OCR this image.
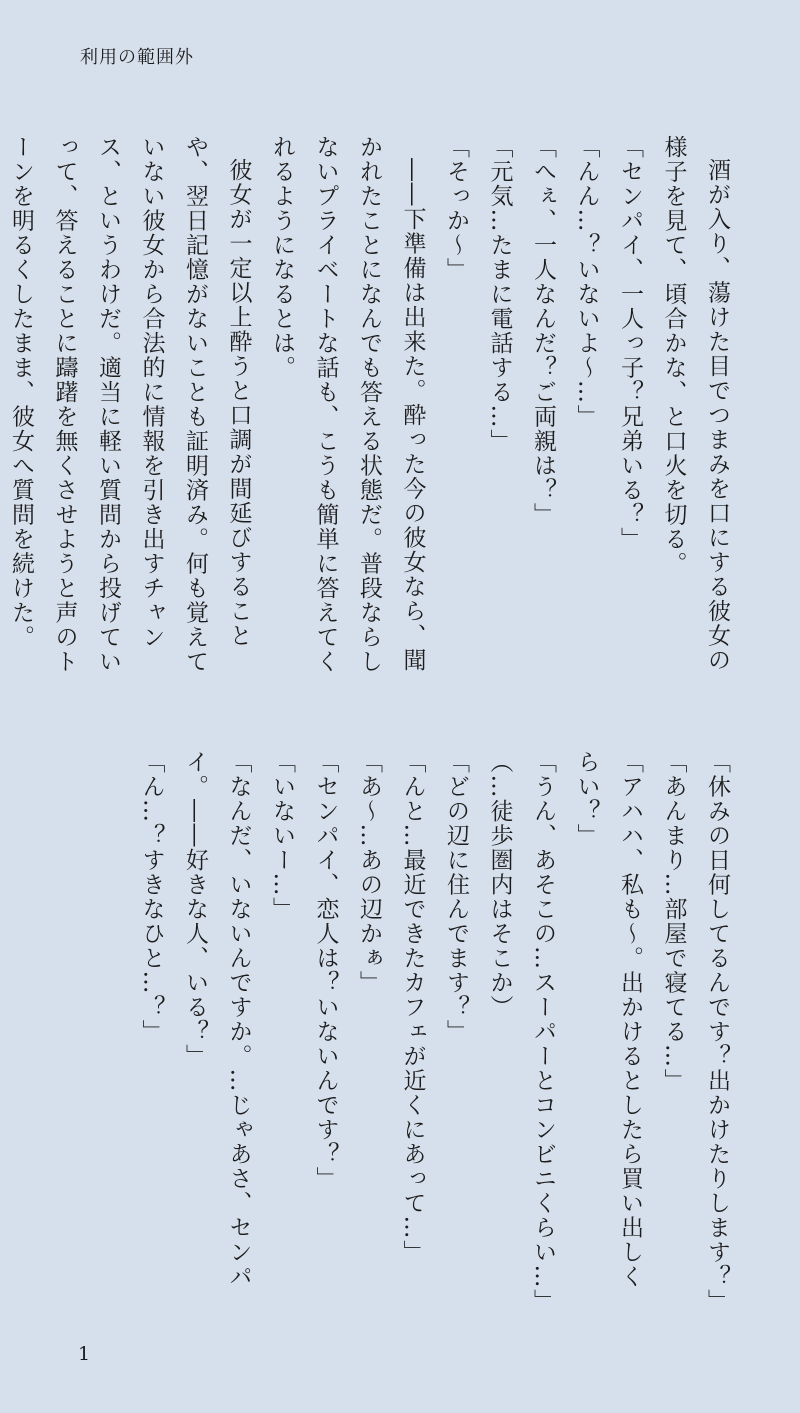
利用の範囲外

酒が入り、蕩けた目でつまみを口にする彼女の様子を見て、頃合かな、と口火を切る。

「センパイ、一人っ子？兄弟いる？」

「んん…？いないよ〜…」

「へぇ、一人なんだ？ご両親は？」

「元気…たまに電話する…」

「そっか〜」

――下準備は出来た。酔った今の彼女なら、聞かれたことになんでも答える状態だ。普段ならしないプライベートな話も、こうも簡単に答えてくれるようになるとは。

彼女が一定以上酔うと口調が間延びすることや、翌日記憶がないことも証明済み。何も覚えていない彼女から合法的に情報を引き出すチャンス、というわけだ。適当に軽い質問から投げていって、答えることに躊躇を無くさせようと声のトーンを明るくしたまま、彼女へ質問を続けた。

「休みの日何してるんです？出かけたりします？」

「あんまり…部屋で寝てる…」

「アハハ、私も〜。出かけるとしたら買い出しくらい？」

「うん、あそこの…スーパーとコンビニくらい…」

（…徒歩圏内はそこか）

「どの辺に住んでます？」

「んと…最近できたカフェが近くにあって…」

「あ〜…あの辺かぁ」

「センパイ、恋人は？いないんです？」

「いないー…」

「なんだ、いないんですか。…じゃあさ、センパイ。――好きな人、いる？」

「ん…？すきなひと…？」

1
